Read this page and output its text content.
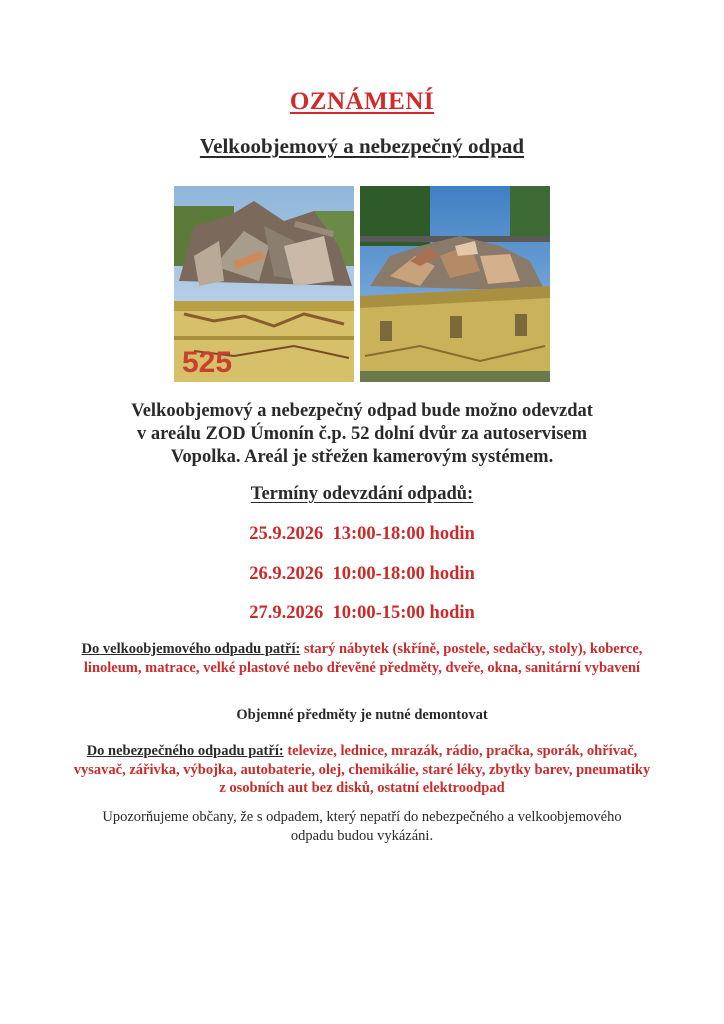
OZNÁMENÍ
Velkoobjemový a nebezpečný odpad
525
Velkoobjemový a nebezpečný odpad bude možno odevzdat
v areálu ZOD Úmonín č.p. 52 dolní dvůr za autoservisem
Vopolka. Areál je střežen kamerovým systémem.
Termíny odevzdání odpadů:
25.9.2026 13:00-18:00 hodin
26.9.2026 10:00-18:00 hodin
27.9.2026 10:00-15:00 hodin
Do velkoobjemového odpadu patří: starý nábytek (skříně, postele, sedačky, stoly), koberce, linoleum, matrace, velké plastové nebo dřevěné předměty, dveře, okna, sanitární vybavení
Objemné předměty je nutné demontovat
Do nebezpečného odpadu patří: televize, lednice, mrazák, rádio, pračka, sporák, ohřívač, vysavač, zářivka, výbojka, autobaterie, olej, chemikálie, staré léky, zbytky barev, pneumatiky z osobních aut bez disků, ostatní elektroodpad
Upozorňujeme občany, že s odpadem, který nepatří do nebezpečného a velkoobjemového odpadu budou vykázáni.
